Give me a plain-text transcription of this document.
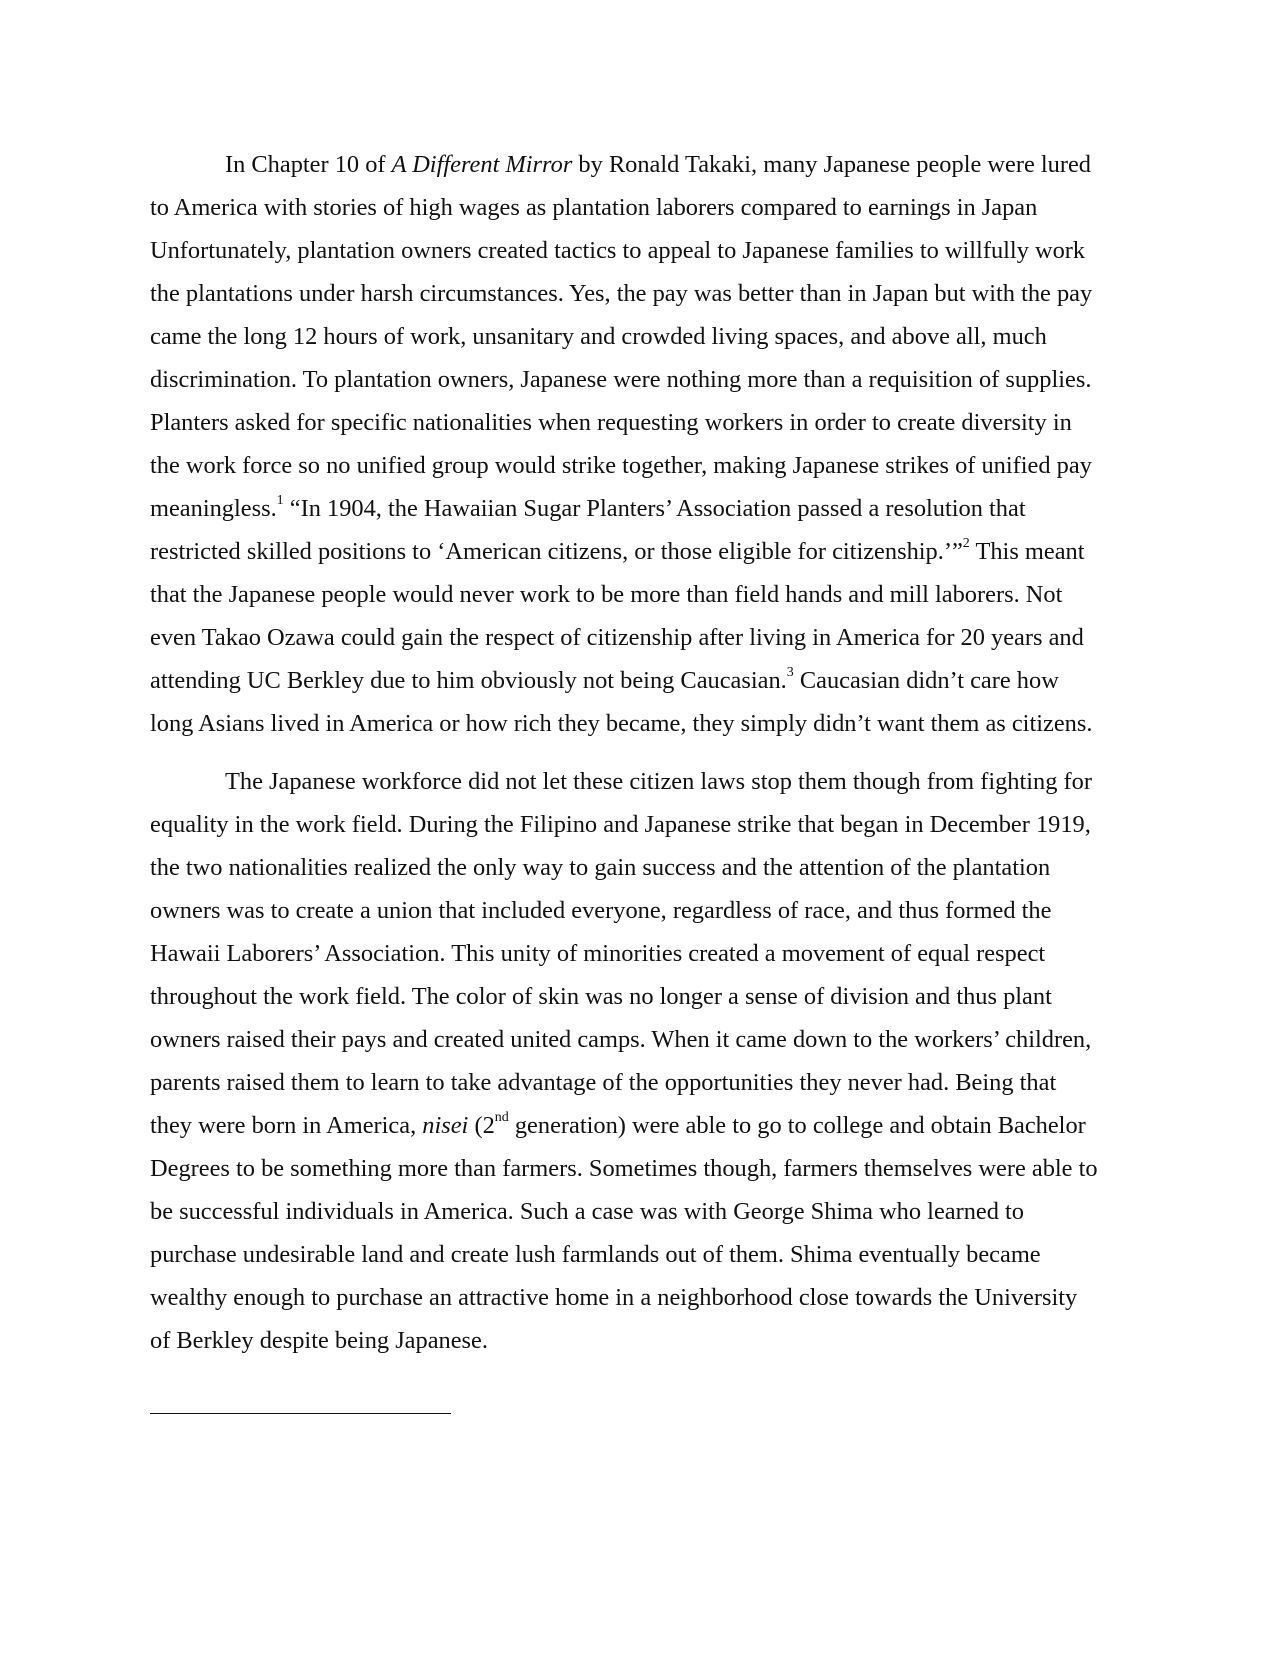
In Chapter 10 of A Different Mirror by Ronald Takaki, many Japanese people were lured
to America with stories of high wages as plantation laborers compared to earnings in Japan
Unfortunately, plantation owners created tactics to appeal to Japanese families to willfully work
the plantations under harsh circumstances. Yes, the pay was better than in Japan but with the pay
came the long 12 hours of work, unsanitary and crowded living spaces, and above all, much
discrimination. To plantation owners, Japanese were nothing more than a requisition of supplies.
Planters asked for specific nationalities when requesting workers in order to create diversity in
the work force so no unified group would strike together, making Japanese strikes of unified pay
meaningless.$^1$ “In 1904, the Hawaiian Sugar Planters’ Association passed a resolution that
restricted skilled positions to ‘American citizens, or those eligible for citizenship.’”$^2$ This meant
that the Japanese people would never work to be more than field hands and mill laborers. Not
even Takao Ozawa could gain the respect of citizenship after living in America for 20 years and
attending UC Berkley due to him obviously not being Caucasian.$^3$ Caucasian didn’t care how
long Asians lived in America or how rich they became, they simply didn’t want them as citizens.
The Japanese workforce did not let these citizen laws stop them though from fighting for
equality in the work field. During the Filipino and Japanese strike that began in December 1919,
the two nationalities realized the only way to gain success and the attention of the plantation
owners was to create a union that included everyone, regardless of race, and thus formed the
Hawaii Laborers’ Association. This unity of minorities created a movement of equal respect
throughout the work field. The color of skin was no longer a sense of division and thus plant
owners raised their pays and created united camps. When it came down to the workers’ children,
parents raised them to learn to take advantage of the opportunities they never had. Being that
they were born in America, nisei (2nd generation) were able to go to college and obtain Bachelor
Degrees to be something more than farmers. Sometimes though, farmers themselves were able to
be successful individuals in America. Such a case was with George Shima who learned to
purchase undesirable land and create lush farmlands out of them. Shima eventually became
wealthy enough to purchase an attractive home in a neighborhood close towards the University
of Berkley despite being Japanese.
